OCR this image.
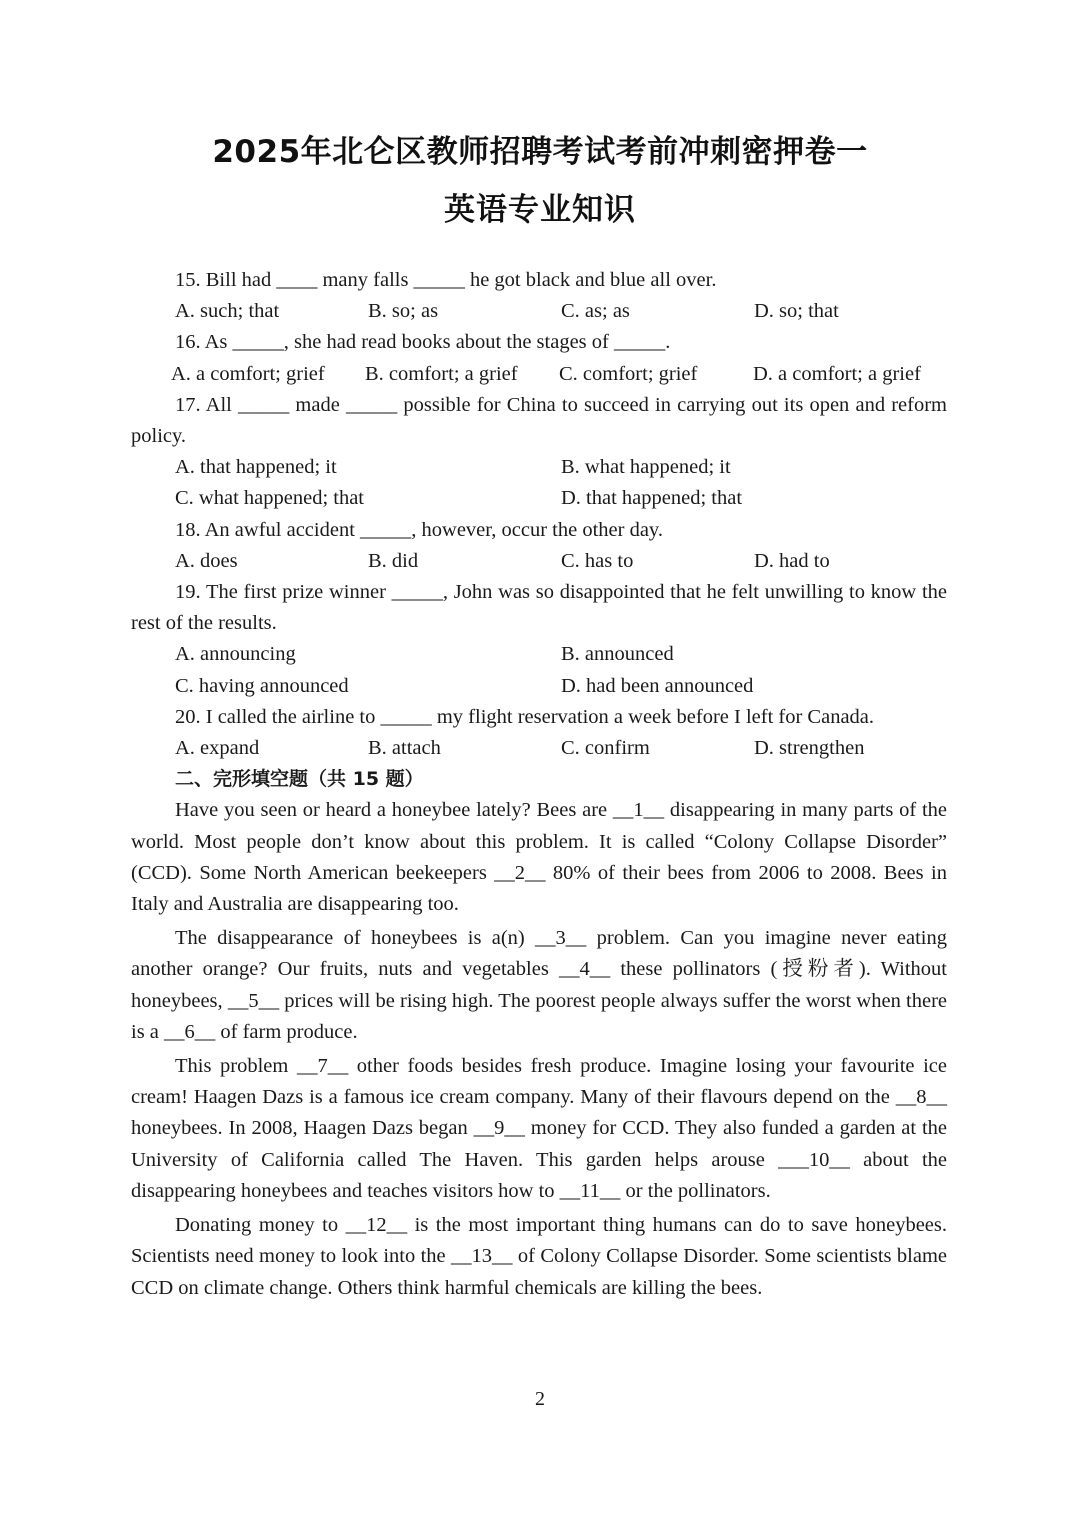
2025年北仑区教师招聘考试考前冲刺密押卷一
英语专业知识

15. Bill had ____ many falls _____ he got black and blue all over.

A. such; that	B. so; as	C. as; as	D. so; that

16. As _____, she had read books about the stages of _____.

A. a comfort; grief	B. comfort; a grief	C. comfort; grief	D. a comfort; a grief

17. All _____ made _____ possible for China to succeed in carrying out its open and reform policy.

A. that happened; it	B. what happened; it
C. what happened; that	D. that happened; that

18. An awful accident _____, however, occur the other day.

A. does	B. did	C. has to	D. had to

19. The first prize winner _____, John was so disappointed that he felt unwilling to know the rest of the results.

A. announcing	B. announced
C. having announced	D. had been announced

20. I called the airline to _____ my flight reservation a week before I left for Canada.

A. expand	B. attach	C. confirm	D. strengthen

二、完形填空题（共 15 题）

Have you seen or heard a honeybee lately? Bees are __1__ disappearing in many parts of the world. Most people don’t know about this problem. It is called “Colony Collapse Disorder” (CCD). Some North American beekeepers __2__ 80% of their bees from 2006 to 2008. Bees in Italy and Australia are disappearing too.

The disappearance of honeybees is a(n) __3__ problem. Can you imagine never eating another orange? Our fruits, nuts and vegetables __4__ these pollinators (授粉者). Without honeybees, __5__ prices will be rising high. The poorest people always suffer the worst when there is a __6__ of farm produce.

This problem __7__ other foods besides fresh produce. Imagine losing your favourite ice cream! Haagen Dazs is a famous ice cream company. Many of their flavours depend on the __8__ honeybees. In 2008, Haagen Dazs began __9__ money for CCD. They also funded a garden at the University of California called The Haven. This garden helps arouse ___10__ about the disappearing honeybees and teaches visitors how to __11__ or the pollinators.

Donating money to __12__ is the most important thing humans can do to save honeybees. Scientists need money to look into the __13__ of Colony Collapse Disorder. Some scientists blame CCD on climate change. Others think harmful chemicals are killing the bees.

2
